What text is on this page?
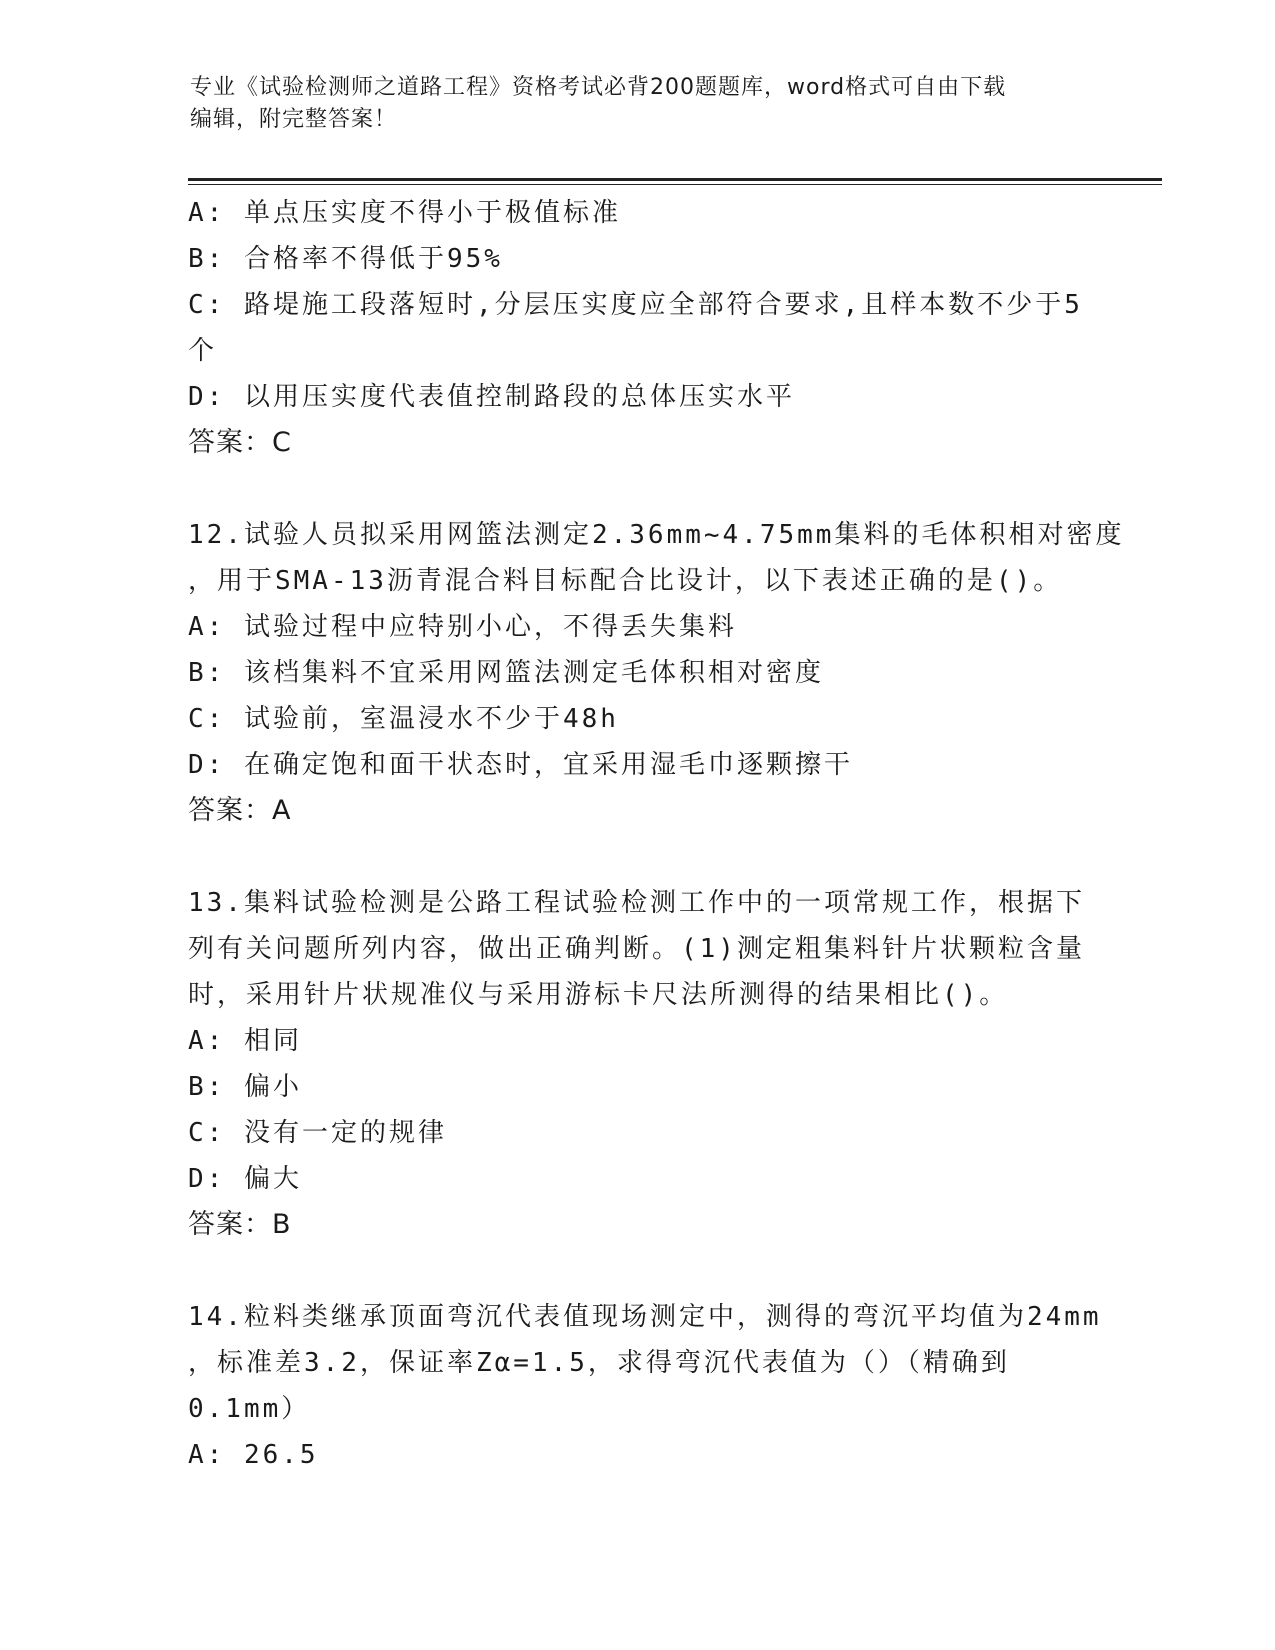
专业《试验检测师之道路工程》资格考试必背200题题库，word格式可自由下载
编辑，附完整答案！
A: 单点压实度不得小于极值标准
B: 合格率不得低于95%
C: 路堤施工段落短时,分层压实度应全部符合要求,且样本数不少于5
个
D: 以用压实度代表值控制路段的总体压实水平
答案：C
12.试验人员拟采用网篮法测定2.36mm~4.75mm集料的毛体积相对密度
，用于SMA-13沥青混合料目标配合比设计，以下表述正确的是()。
A: 试验过程中应特别小心，不得丢失集料
B: 该档集料不宜采用网篮法测定毛体积相对密度
C: 试验前，室温浸水不少于48h
D: 在确定饱和面干状态时，宜采用湿毛巾逐颗擦干
答案：A
13.集料试验检测是公路工程试验检测工作中的一项常规工作，根据下
列有关问题所列内容，做出正确判断。(1)测定粗集料针片状颗粒含量
时，采用针片状规准仪与采用游标卡尺法所测得的结果相比()。
A: 相同
B: 偏小
C: 没有一定的规律
D: 偏大
答案：B
14.粒料类继承顶面弯沉代表值现场测定中，测得的弯沉平均值为24mm
，标准差3.2，保证率Zα=1.5，求得弯沉代表值为（）（精确到
0.1mm）
A: 26.5
